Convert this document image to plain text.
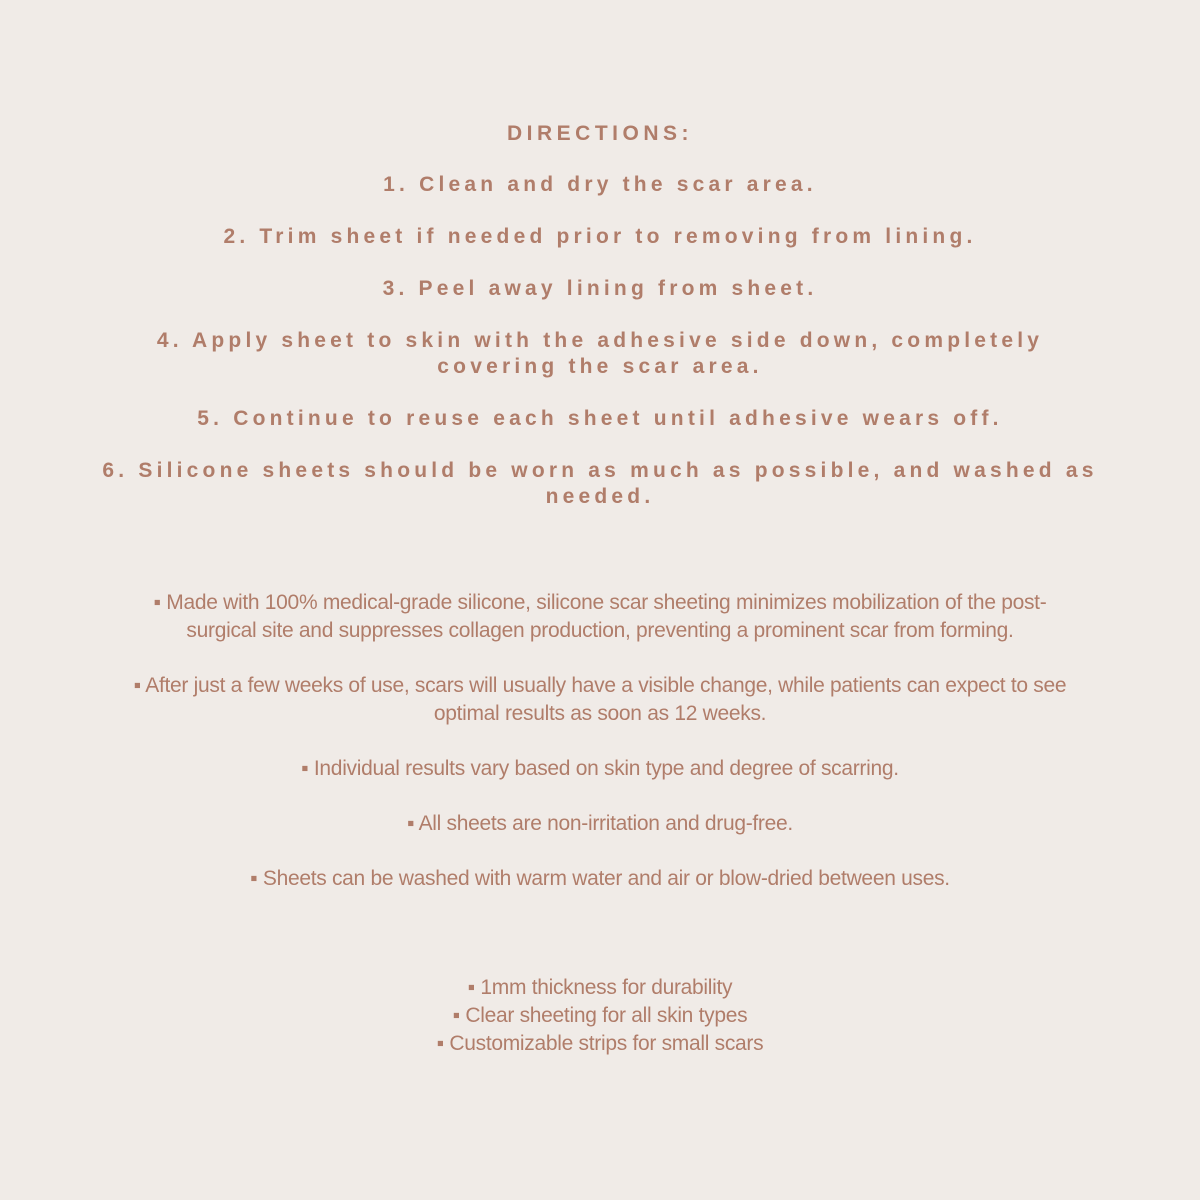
DIRECTIONS:

1. Clean and dry the scar area.

2. Trim sheet if needed prior to removing from lining.

3. Peel away lining from sheet.

4. Apply sheet to skin with the adhesive side down, completely covering the scar area.

5. Continue to reuse each sheet until adhesive wears off.

6. Silicone sheets should be worn as much as possible, and washed as needed.

▪ Made with 100% medical-grade silicone, silicone scar sheeting minimizes mobilization of the post-surgical site and suppresses collagen production, preventing a prominent scar from forming.

▪ After just a few weeks of use, scars will usually have a visible change, while patients can expect to see optimal results as soon as 12 weeks.

▪ Individual results vary based on skin type and degree of scarring.

▪ All sheets are non-irritation and drug-free.

▪ Sheets can be washed with warm water and air or blow-dried between uses.

▪ 1mm thickness for durability

▪ Clear sheeting for all skin types

▪ Customizable strips for small scars
